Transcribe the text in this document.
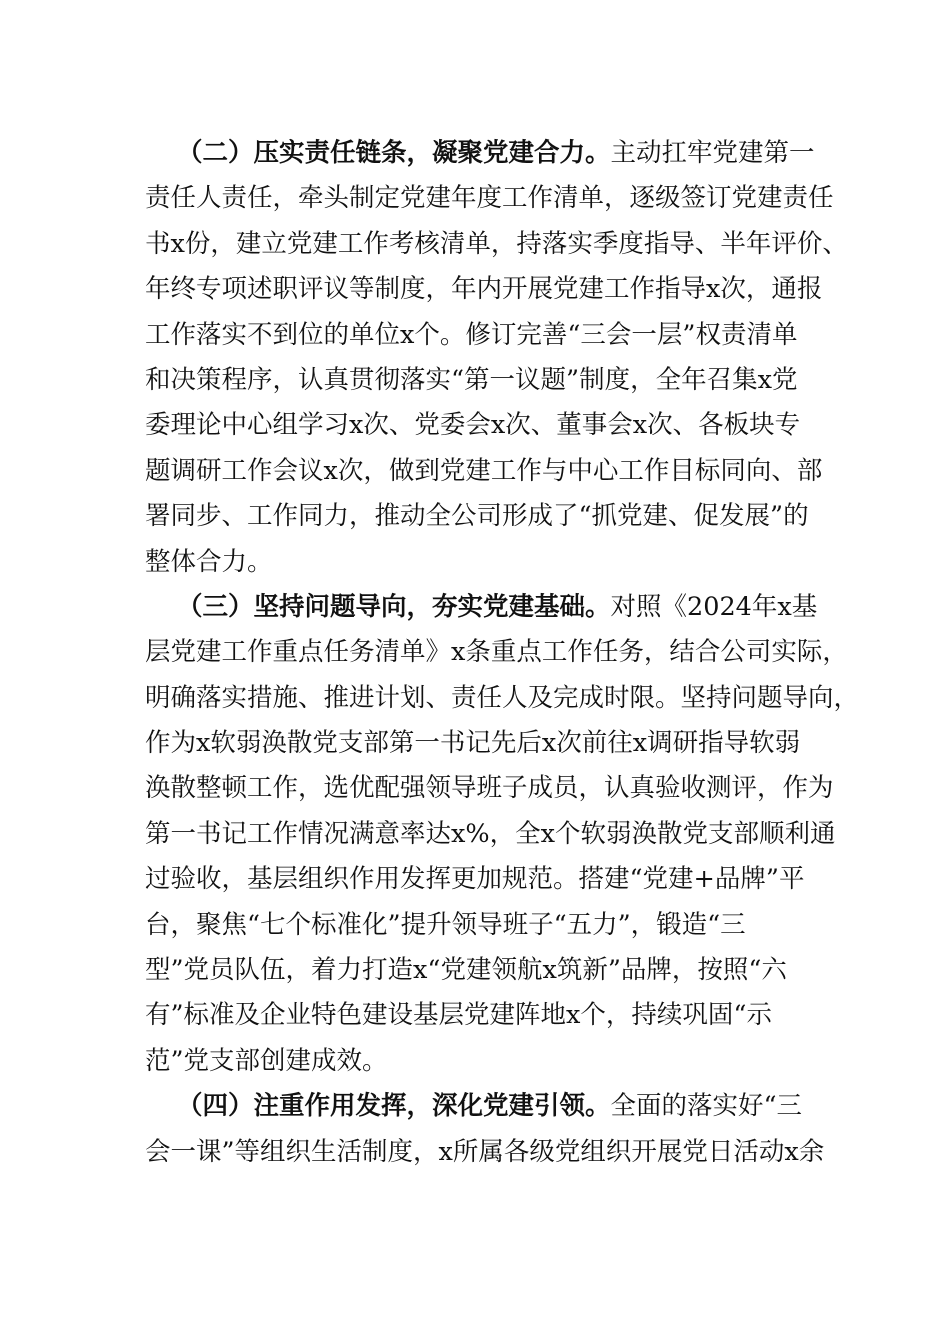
（二）压实责任链条，凝聚党建合力。主动扛牢党建第一
责任人责任，牵头制定党建年度工作清单，逐级签订党建责任
书x份，建立党建工作考核清单，持落实季度指导、半年评价、
年终专项述职评议等制度，年内开展党建工作指导x次，通报
工作落实不到位的单位x个。修订完善“三会一层”权责清单
和决策程序，认真贯彻落实“第一议题”制度，全年召集x党
委理论中心组学习x次、党委会x次、董事会x次、各板块专
题调研工作会议x次，做到党建工作与中心工作目标同向、部
署同步、工作同力，推动全公司形成了“抓党建、促发展”的
整体合力。
（三）坚持问题导向，夯实党建基础。对照《2024年x基
层党建工作重点任务清单》x条重点工作任务，结合公司实际，
明确落实措施、推进计划、责任人及完成时限。坚持问题导向，
作为x软弱涣散党支部第一书记先后x次前往x调研指导软弱
涣散整顿工作，选优配强领导班子成员，认真验收测评，作为
第一书记工作情况满意率达x%，全x个软弱涣散党支部顺利通
过验收，基层组织作用发挥更加规范。搭建“党建+品牌”平
台，聚焦“七个标准化”提升领导班子“五力”，锻造“三
型”党员队伍，着力打造x“党建领航x筑新”品牌，按照“六
有”标准及企业特色建设基层党建阵地x个，持续巩固“示
范”党支部创建成效。
（四）注重作用发挥，深化党建引领。全面的落实好“三
会一课”等组织生活制度，x所属各级党组织开展党日活动x余
